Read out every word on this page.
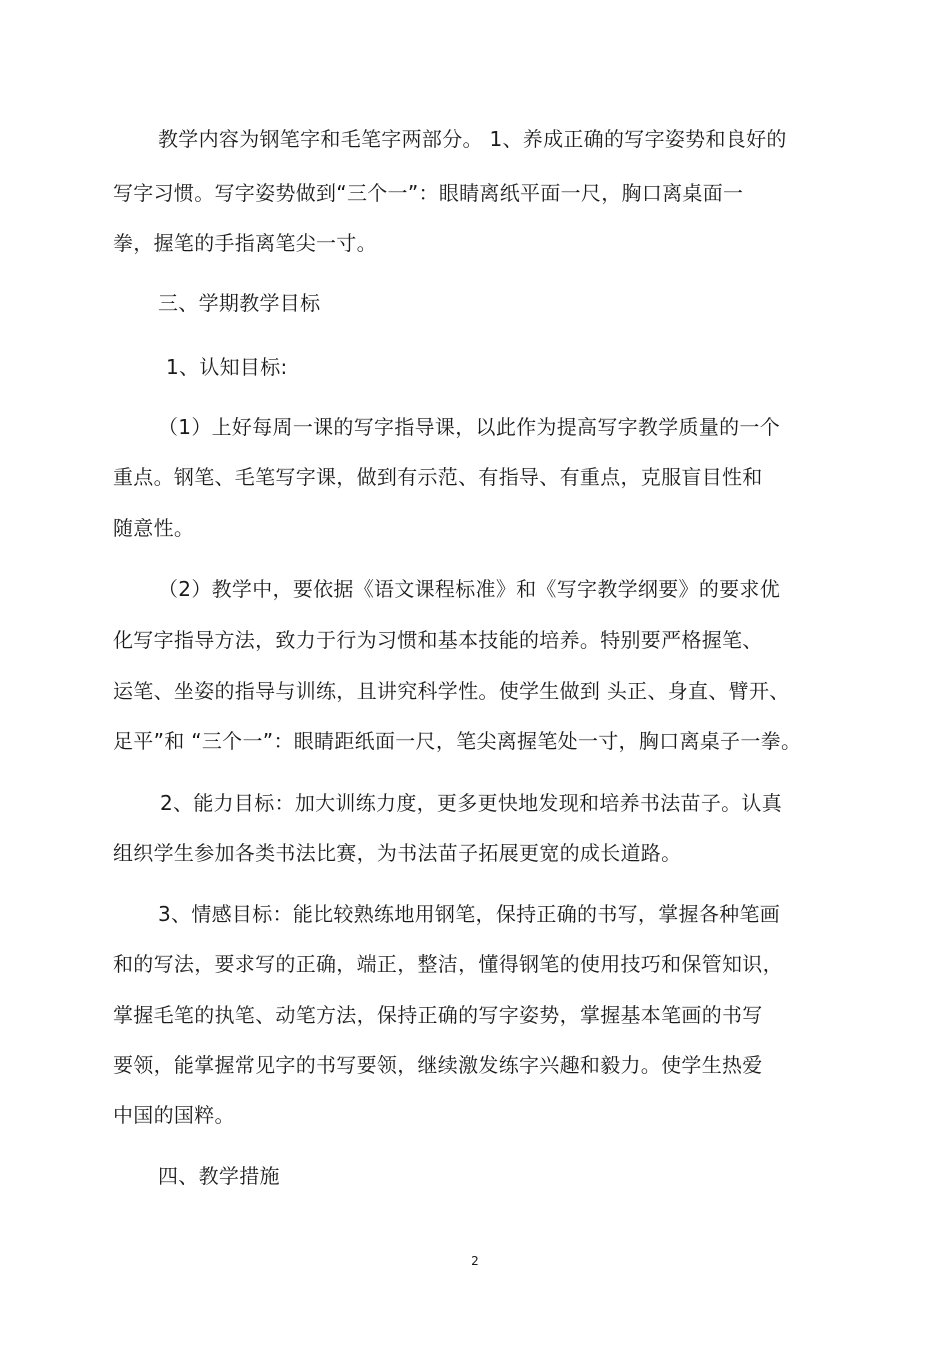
教学内容为钢笔字和毛笔字两部分。 1、养成正确的写字姿势和良好的
写字习惯。写字姿势做到“三个一”：眼睛离纸平面一尺，胸口离桌面一
拳，握笔的手指离笔尖一寸。
三、学期教学目标
1、认知目标:
（1）上好每周一课的写字指导课，以此作为提高写字教学质量的一个
重点。钢笔、毛笔写字课，做到有示范、有指导、有重点，克服盲目性和
随意性。
（2）教学中，要依据《语文课程标准》和《写字教学纲要》的要求优
化写字指导方法，致力于行为习惯和基本技能的培养。特别要严格握笔、
运笔、坐姿的指导与训练，且讲究科学性。使学生做到 头正、身直、臂开、
足平”和 “三个一”：眼睛距纸面一尺，笔尖离握笔处一寸，胸口离桌子一拳。
2、能力目标：加大训练力度，更多更快地发现和培养书法苗子。认真
组织学生参加各类书法比赛，为书法苗子拓展更宽的成长道路。
3、情感目标：能比较熟练地用钢笔，保持正确的书写，掌握各种笔画
和的写法，要求写的正确，端正，整洁，懂得钢笔的使用技巧和保管知识，
掌握毛笔的执笔、动笔方法，保持正确的写字姿势，掌握基本笔画的书写
要领，能掌握常见字的书写要领，继续激发练字兴趣和毅力。使学生热爱
中国的国粹。
四、教学措施
2
